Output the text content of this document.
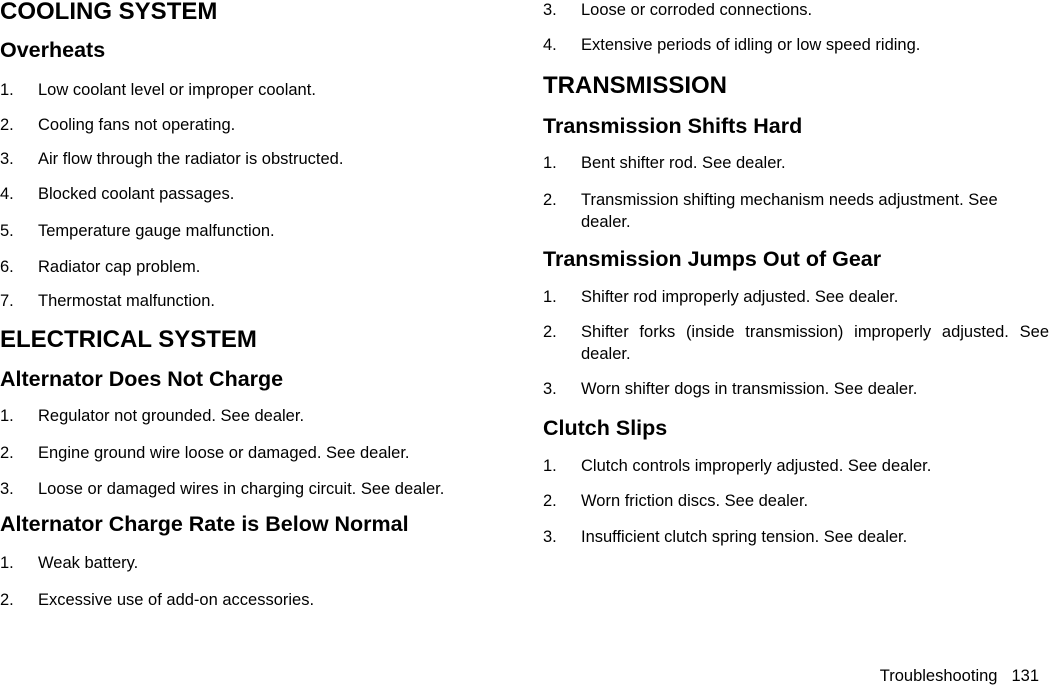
COOLING SYSTEM
Overheats
1. Low coolant level or improper coolant.
2. Cooling fans not operating.
3. Air flow through the radiator is obstructed.
4. Blocked coolant passages.
5. Temperature gauge malfunction.
6. Radiator cap problem.
7. Thermostat malfunction.
ELECTRICAL SYSTEM
Alternator Does Not Charge
1. Regulator not grounded. See dealer.
2. Engine ground wire loose or damaged. See dealer.
3. Loose or damaged wires in charging circuit. See dealer.
Alternator Charge Rate is Below Normal
1. Weak battery.
2. Excessive use of add-on accessories.
3. Loose or corroded connections.
4. Extensive periods of idling or low speed riding.
TRANSMISSION
Transmission Shifts Hard
1. Bent shifter rod. See dealer.
2. Transmission shifting mechanism needs adjustment. See dealer.
Transmission Jumps Out of Gear
1. Shifter rod improperly adjusted. See dealer.
2. Shifter forks (inside transmission) improperly adjusted. See dealer.
3. Worn shifter dogs in transmission. See dealer.
Clutch Slips
1. Clutch controls improperly adjusted. See dealer.
2. Worn friction discs. See dealer.
3. Insufficient clutch spring tension. See dealer.
Troubleshooting 131
